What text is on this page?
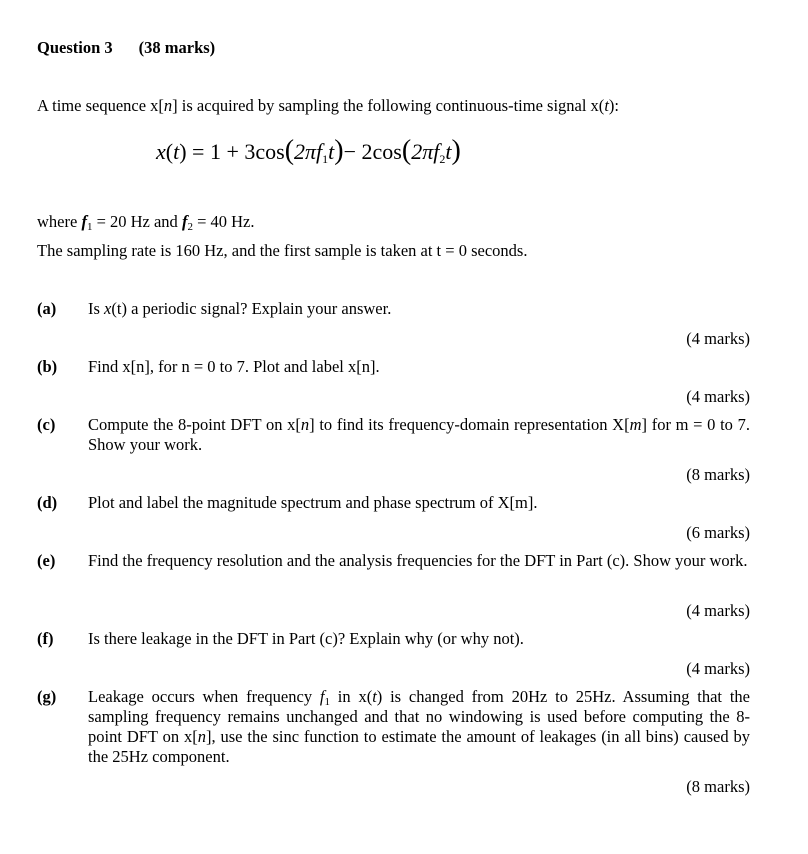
Question 3 (38 marks)
A time sequence x[n] is acquired by sampling the following continuous-time signal x(t):
$x(t) = 1 + 3\cos(2\pi f_1t)- 2\cos(2\pi f_2t)$
where $f_1 = 20$ Hz and $f_2 = 40$ Hz.
The sampling rate is 160 Hz, and the first sample is taken at t = 0 seconds.
(a)	Is x(t) a periodic signal? Explain your answer.
(4 marks)
(b)	Find x[n], for n = 0 to 7. Plot and label x[n].
(4 marks)
(c)	Compute the 8-point DFT on x[n] to find its frequency-domain representation X[m] for m = 0 to 7. Show your work.
(8 marks)
(d)	Plot and label the magnitude spectrum and phase spectrum of X[m].
(6 marks)
(e)	Find the frequency resolution and the analysis frequencies for the DFT in Part (c). Show your work.
(4 marks)
(f)	Is there leakage in the DFT in Part (c)? Explain why (or why not).
(4 marks)
(g)	Leakage occurs when frequency $f_1$ in x(t) is changed from 20Hz to 25Hz. Assuming that the sampling frequency remains unchanged and that no windowing is used before computing the 8-point DFT on x[n], use the sinc function to estimate the amount of leakages (in all bins) caused by the 25Hz component.
(8 marks)
